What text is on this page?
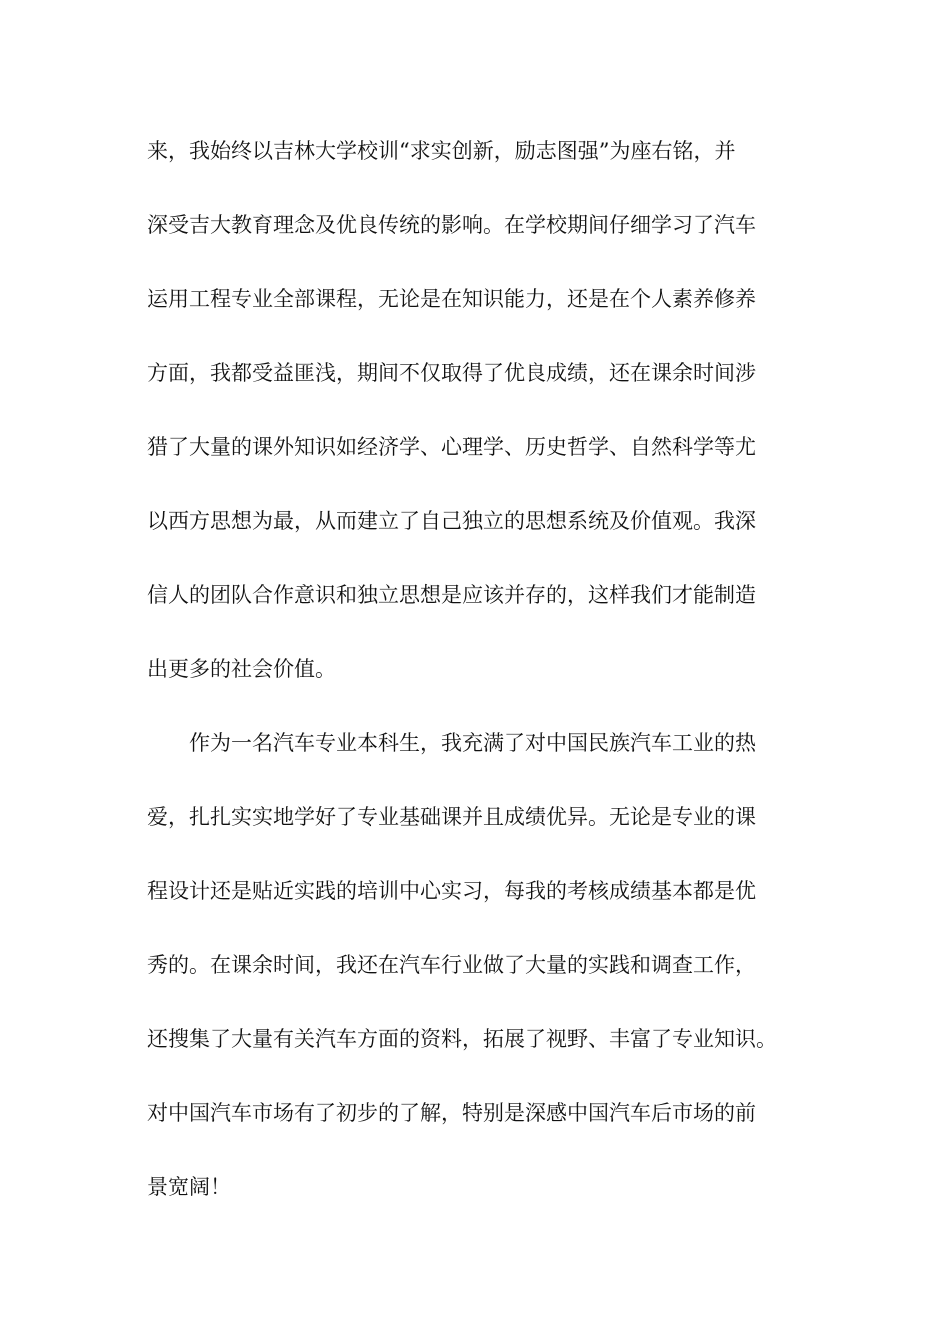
来，我始终以吉林大学校训“求实创新，励志图强”为座右铭，并
深受吉大教育理念及优良传统的影响。在学校期间仔细学习了汽车
运用工程专业全部课程，无论是在知识能力，还是在个人素养修养
方面，我都受益匪浅，期间不仅取得了优良成绩，还在课余时间涉
猎了大量的课外知识如经济学、心理学、历史哲学、自然科学等尤
以西方思想为最，从而建立了自己独立的思想系统及价值观。我深
信人的团队合作意识和独立思想是应该并存的，这样我们才能制造
出更多的社会价值。
作为一名汽车专业本科生，我充满了对中国民族汽车工业的热
爱，扎扎实实地学好了专业基础课并且成绩优异。无论是专业的课
程设计还是贴近实践的培训中心实习，每我的考核成绩基本都是优
秀的。在课余时间，我还在汽车行业做了大量的实践和调查工作，
还搜集了大量有关汽车方面的资料，拓展了视野、丰富了专业知识。
对中国汽车市场有了初步的了解，特别是深感中国汽车后市场的前
景宽阔！
